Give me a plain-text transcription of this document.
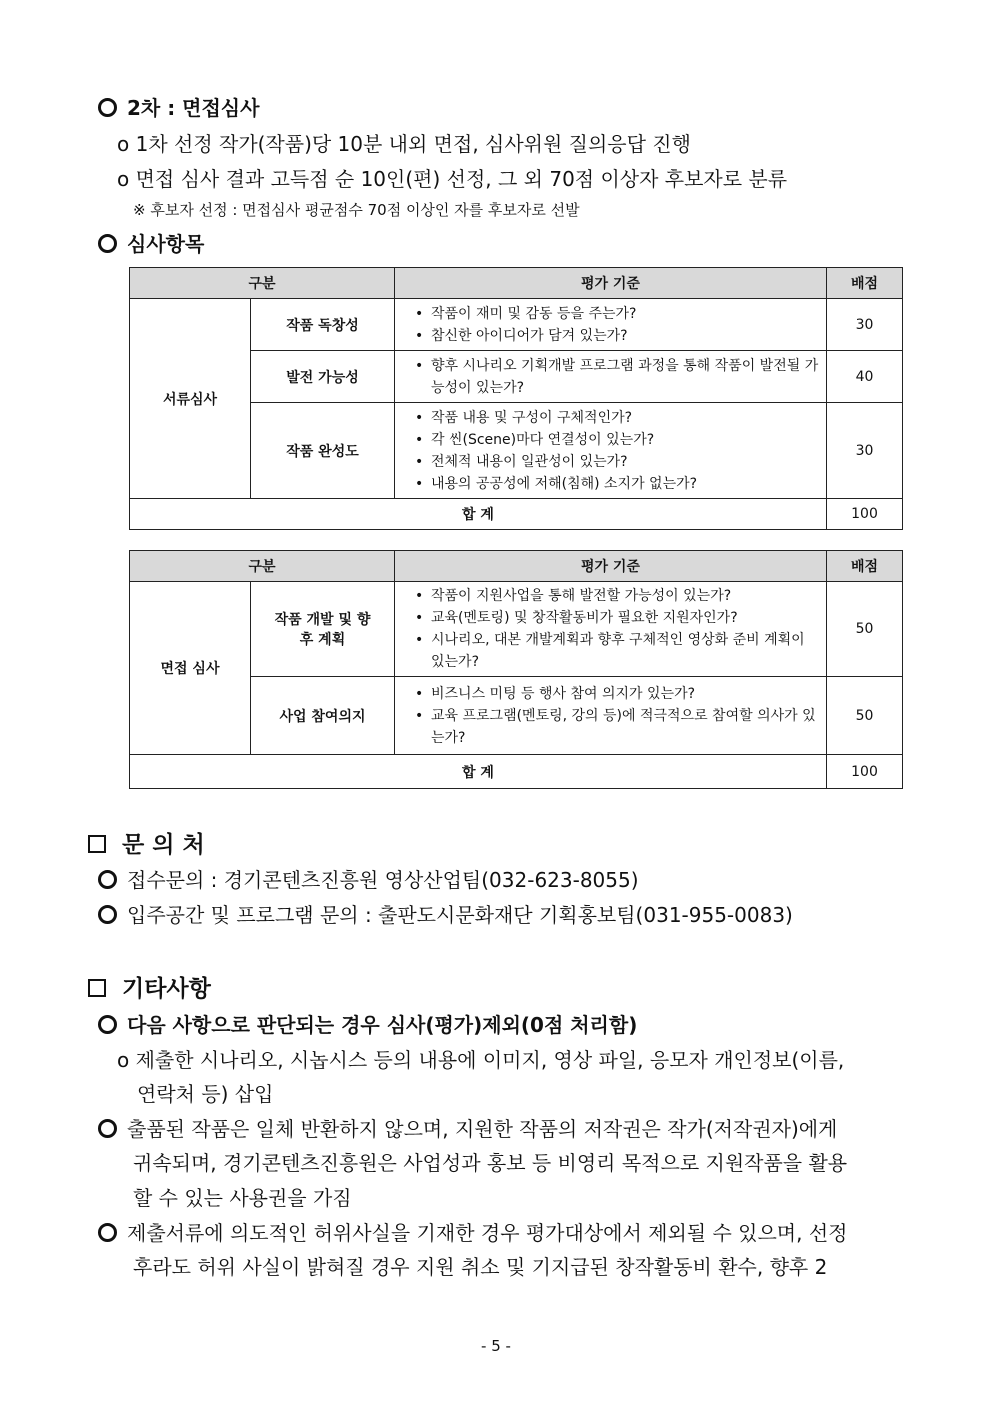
2차 : 면접심사
o 1차 선정 작가(작품)당 10분 내외 면접, 심사위원 질의응답 진행
o 면접 심사 결과 고득점 순 10인(편) 선정, 그 외 70점 이상자 후보자로 분류
※ 후보자 선정 : 면접심사 평균점수 70점 이상인 자를 후보자로 선발
심사항목
구분		평가 기준	배점
서류심사	작품 독창성	• 작품이 재미 및 감동 등을 주는가?
• 참신한 아이디어가 담겨 있는가?	30
	발전 가능성	• 향후 시나리오 기획개발 프로그램 과정을 통해 작품이 발전될 가능성이 있는가?	40
	작품 완성도	• 작품 내용 및 구성이 구체적인가?
• 각 씬(Scene)마다 연결성이 있는가?
• 전체적 내용이 일관성이 있는가?
• 내용의 공공성에 저해(침해) 소지가 없는가?	30
합 계			100
구분		평가 기준	배점
면접 심사	작품 개발 및 향후 계획	• 작품이 지원사업을 통해 발전할 가능성이 있는가?
• 교육(멘토링) 및 창작활동비가 필요한 지원자인가?
• 시나리오, 대본 개발계획과 향후 구체적인 영상화 준비 계획이 있는가?	50
	사업 참여의지	• 비즈니스 미팅 등 행사 참여 의지가 있는가?
• 교육 프로그램(멘토링, 강의 등)에 적극적으로 참여할 의사가 있는가?	50
합 계			100
문 의 처
접수문의 : 경기콘텐츠진흥원 영상산업팀(032-623-8055)
입주공간 및 프로그램 문의 : 출판도시문화재단 기획홍보팀(031-955-0083)
기타사항
다음 사항으로 판단되는 경우 심사(평가)제외(0점 처리함)
o 제출한 시나리오, 시놉시스 등의 내용에 이미지, 영상 파일, 응모자 개인정보(이름,
연락처 등) 삽입
출품된 작품은 일체 반환하지 않으며, 지원한 작품의 저작권은 작가(저작권자)에게
귀속되며, 경기콘텐츠진흥원은 사업성과 홍보 등 비영리 목적으로 지원작품을 활용
할 수 있는 사용권을 가짐
제출서류에 의도적인 허위사실을 기재한 경우 평가대상에서 제외될 수 있으며, 선정
후라도 허위 사실이 밝혀질 경우 지원 취소 및 기지급된 창작활동비 환수, 향후 2
- 5 -
